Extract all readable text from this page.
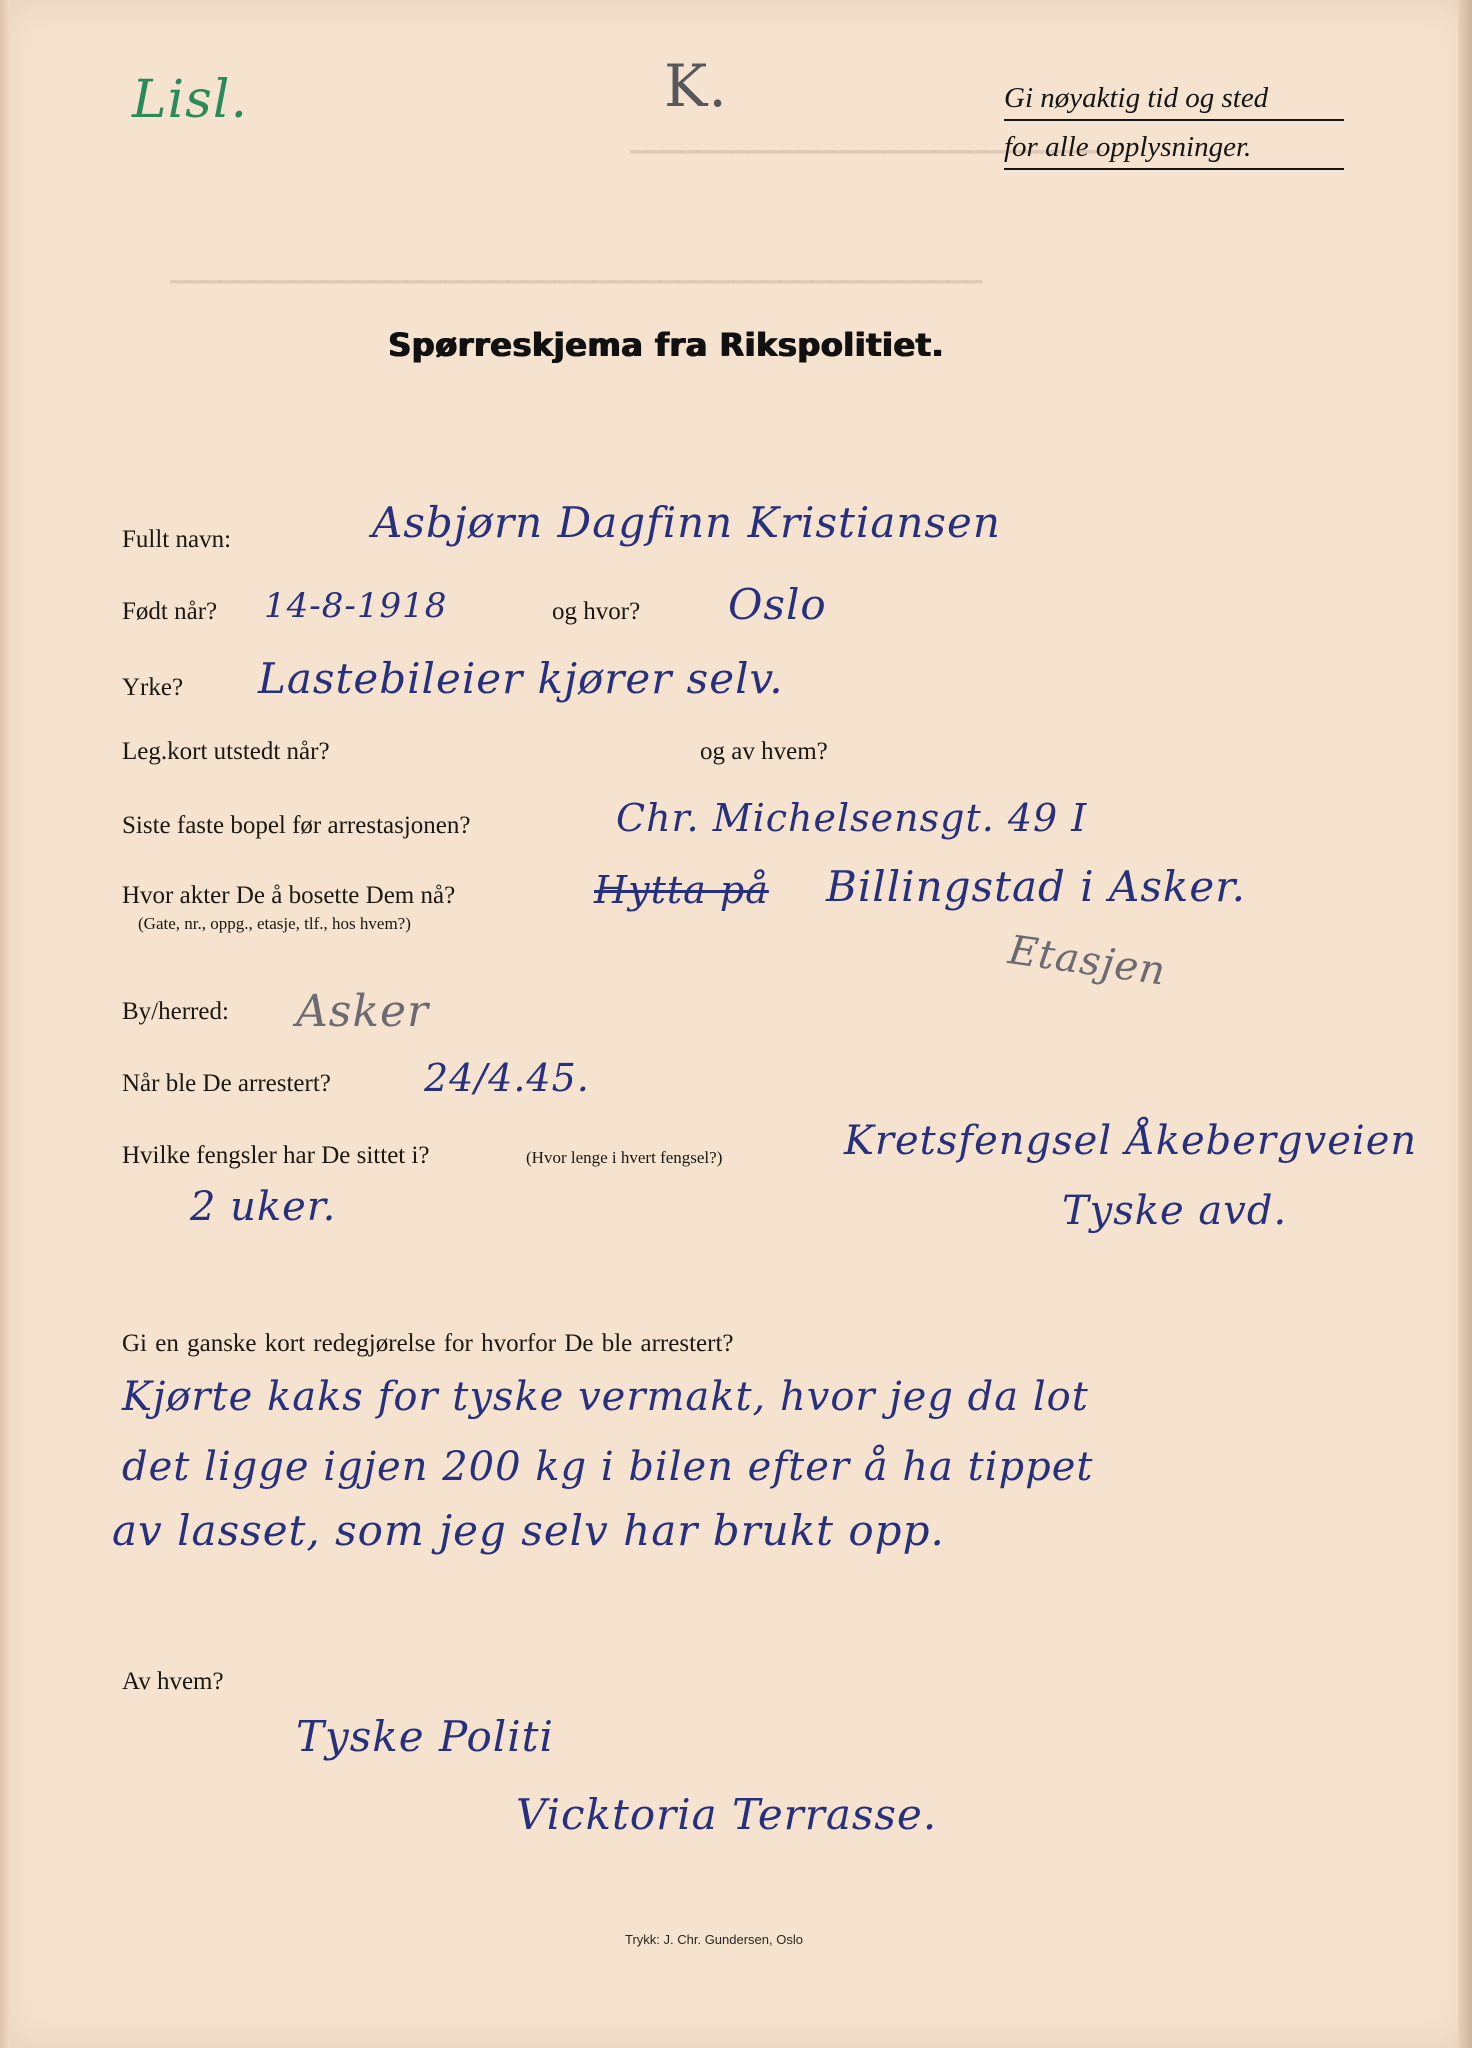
▁▁▁▁▁▁▁▁▁▁▁▁▁▁▁▁▁▁▁▁▁▁▁▁▁▁▁▁
▁▁▁▁▁▁▁▁▁▁▁▁▁▁▁▁▁▁▁▁▁▁▁▁▁▁▁▁▁▁▁▁▁▁▁▁▁▁▁▁▁▁▁▁▁▁▁▁
Lisl.	K.	Gi nøyaktig tid og sted
for alle opplysninger.
Spørreskjema fra Rikspolitiet.
Fullt navn:	Asbjørn Dagfinn Kristiansen
Født når? 14-8-1918	og hvor? Oslo
Yrke? Lastebileier kjører selv.
Leg.kort utstedt når?	og av hvem?
Siste faste bopel før arrestasjonen?	Chr. Michelsensgt. 49 I
Hvor akter De å bosette Dem nå?
(Gate, nr., oppg., etasje, tlf., hos hvem?)
Hytta på Billingstad i Asker.
Etasjen
By/herred: Asker
Når ble De arrestert? 24/4.45.
Hvilke fengsler har De sittet i?	(Hvor lenge i hvert fengsel?)	Kretsfengsel Åkebergveien
Tyske avd.
2 uker.
Gi en ganske kort redegjørelse for hvorfor De ble arrestert?
Kjørte kaks for tyske vermakt, hvor jeg da lot
det ligge igjen 200 kg i bilen efter å ha tippet
av lasset, som jeg selv har brukt opp.
Av hvem?
Tyske Politi
Vicktoria Terrasse.
Trykk: J. Chr. Gundersen, Oslo
